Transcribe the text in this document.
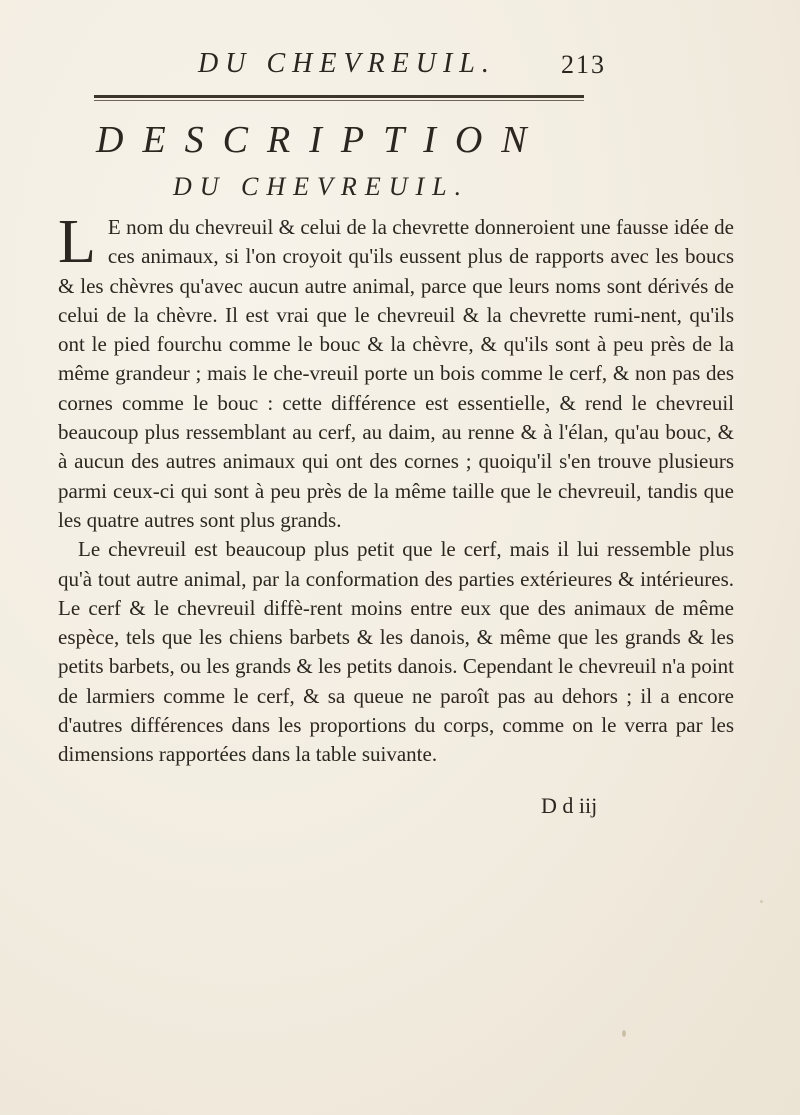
DU CHEVREUIL.	213
DESCRIPTION
DU CHEVREUIL.

L E nom du chevreuil & celui de la chevrette donneroient une fausse idée de ces animaux, si l'on croyoit qu'ils eussent plus de rapports avec les boucs & les chèvres qu'avec aucun autre animal, parce que leurs noms sont dérivés de celui de la chèvre. Il est vrai que le chevreuil & la chevrette rumi-nent, qu'ils ont le pied fourchu comme le bouc & la chèvre, & qu'ils sont à peu près de la même grandeur ; mais le che-vreuil porte un bois comme le cerf, & non pas des cornes comme le bouc : cette différence est essentielle, & rend le chevreuil beaucoup plus ressemblant au cerf, au daim, au renne & à l'élan, qu'au bouc, & à aucun des autres animaux qui ont des cornes ; quoiqu'il s'en trouve plusieurs parmi ceux-ci qui sont à peu près de la même taille que le chevreuil, tandis que les quatre autres sont plus grands.

Le chevreuil est beaucoup plus petit que le cerf, mais il lui ressemble plus qu'à tout autre animal, par la conformation des parties extérieures & intérieures. Le cerf & le chevreuil diffè-rent moins entre eux que des animaux de même espèce, tels que les chiens barbets & les danois, & même que les grands & les petits barbets, ou les grands & les petits danois. Cependant le chevreuil n'a point de larmiers comme le cerf, & sa queue ne paroît pas au dehors ; il a encore d'autres différences dans les proportions du corps, comme on le verra par les dimensions rapportées dans la table suivante.

D d iij
